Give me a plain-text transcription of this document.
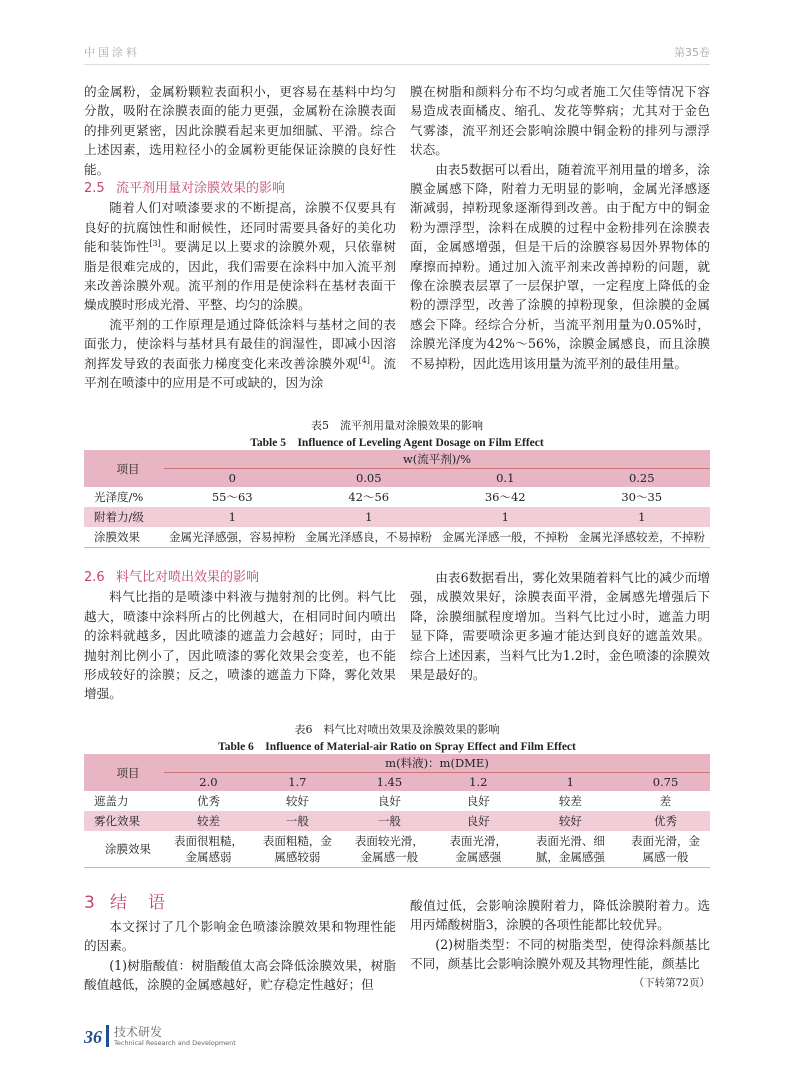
中国涂料	第35卷

的金属粉，金属粉颗粒表面积小，更容易在基料中均匀分散，吸附在涂膜表面的能力更强，金属粉在涂膜表面的排列更紧密，因此涂膜看起来更加细腻、平滑。综合上述因素，选用粒径小的金属粉更能保证涂膜的良好性能。

2.5 流平剂用量对涂膜效果的影响

随着人们对喷漆要求的不断提高，涂膜不仅要具有良好的抗腐蚀性和耐候性，还同时需要具备好的美化功能和装饰性[3]。要满足以上要求的涂膜外观，只依靠树脂是很难完成的，因此，我们需要在涂料中加入流平剂来改善涂膜外观。流平剂的作用是使涂料在基材表面干燥成膜时形成光滑、平整、均匀的涂膜。

流平剂的工作原理是通过降低涂料与基材之间的表面张力，使涂料与基材具有最佳的润湿性，即减小因溶剂挥发导致的表面张力梯度变化来改善涂膜外观[4]。流平剂在喷漆中的应用是不可或缺的，因为涂

膜在树脂和颜料分布不均匀或者施工欠佳等情况下容易造成表面橘皮、缩孔、发花等弊病；尤其对于金色气雾漆，流平剂还会影响涂膜中铜金粉的排列与漂浮状态。

由表5数据可以看出，随着流平剂用量的增多，涂膜金属感下降，附着力无明显的影响，金属光泽感逐渐减弱，掉粉现象逐渐得到改善。由于配方中的铜金粉为漂浮型，涂料在成膜的过程中金粉排列在涂膜表面，金属感增强，但是干后的涂膜容易因外界物体的摩擦而掉粉。通过加入流平剂来改善掉粉的问题，就像在涂膜表层罩了一层保护罩，一定程度上降低的金粉的漂浮型，改善了涂膜的掉粉现象，但涂膜的金属感会下降。经综合分析，当流平剂用量为0.05%时，涂膜光泽度为42%～56%，涂膜金属感良，而且涂膜不易掉粉，因此选用该用量为流平剂的最佳用量。

表5　流平剂用量对涂膜效果的影响
Table 5　Influence of Leveling Agent Dosage on Film Effect
项目	w(流平剂)/%			
	0	0.05	0.1	0.25
光泽度/%	55～63	42～56	36～42	30～35
附着力/级	1	1	1	1
涂膜效果	金属光泽感强，容易掉粉	金属光泽感良，不易掉粉	金属光泽感一般，不掉粉	金属光泽感较差，不掉粉
2.6 料气比对喷出效果的影响

料气比指的是喷漆中料液与抛射剂的比例。料气比越大，喷漆中涂料所占的比例越大，在相同时间内喷出的涂料就越多，因此喷漆的遮盖力会越好；同时，由于抛射剂比例小了，因此喷漆的雾化效果会变差，也不能形成较好的涂膜；反之，喷漆的遮盖力下降，雾化效果增强。

由表6数据看出，雾化效果随着料气比的减少而增强，成膜效果好，涂膜表面平滑，金属感先增强后下降，涂膜细腻程度增加。当料气比过小时，遮盖力明显下降，需要喷涂更多遍才能达到良好的遮盖效果。综合上述因素，当料气比为1.2时，金色喷漆的涂膜效果是最好的。

表6　料气比对喷出效果及涂膜效果的影响
Table 6　Influence of Material-air Ratio on Spray Effect and Film Effect
项目	m(料液)：m(DME)					
	2.0	1.7	1.45	1.2	1	0.75
遮盖力	优秀	较好	良好	良好	较差	差
雾化效果	较差	一般	一般	良好	较好	优秀
涂膜效果	表面很粗糙，金属感弱	表面粗糙，金属感较弱	表面较光滑，金属感一般	表面光滑，金属感强	表面光滑、细腻，金属感强	表面光滑，金属感一般
3 结　语

本文探讨了几个影响金色喷漆涂膜效果和物理性能的因素。

(1)树脂酸值：树脂酸值太高会降低涂膜效果，树脂酸值越低，涂膜的金属感越好，贮存稳定性越好；但

酸值过低，会影响涂膜附着力，降低涂膜附着力。选用丙烯酸树脂3，涂膜的各项性能都比较优异。

(2)树脂类型：不同的树脂类型，使得涂料颜基比不同，颜基比会影响涂膜外观及其物理性能，颜基比

（下转第72页）
36	技术研发
Technical Research and Development
